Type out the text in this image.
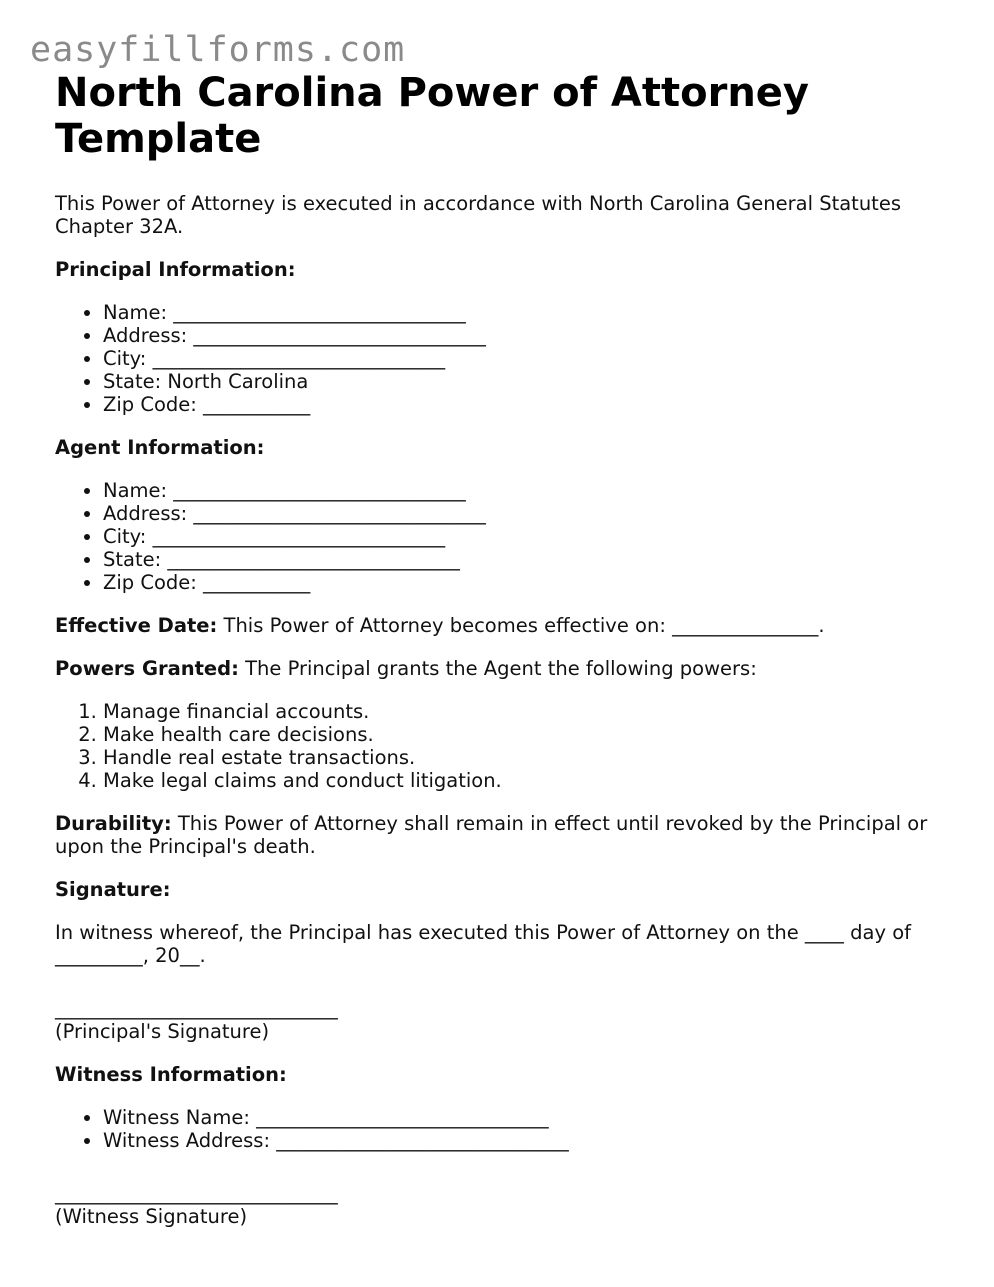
easyfillforms.com
North Carolina Power of Attorney Template

This Power of Attorney is executed in accordance with North Carolina General Statutes Chapter 32A.

Principal Information:

• Name: ______________________________
• Address: ______________________________
• City: ______________________________
• State: North Carolina
• Zip Code: ___________

Agent Information:

• Name: ______________________________
• Address: ______________________________
• City: ______________________________
• State: ______________________________
• Zip Code: ___________

Effective Date: This Power of Attorney becomes effective on: _______________.

Powers Granted: The Principal grants the Agent the following powers:

1. Manage financial accounts.
2. Make health care decisions.
3. Handle real estate transactions.
4. Make legal claims and conduct litigation.

Durability: This Power of Attorney shall remain in effect until revoked by the Principal or upon the Principal's death.

Signature:

In witness whereof, the Principal has executed this Power of Attorney on the ____ day of _________, 20__.

_____________________________

(Principal's Signature)

Witness Information:

• Witness Name: ______________________________
• Witness Address: ______________________________

_____________________________

(Witness Signature)
